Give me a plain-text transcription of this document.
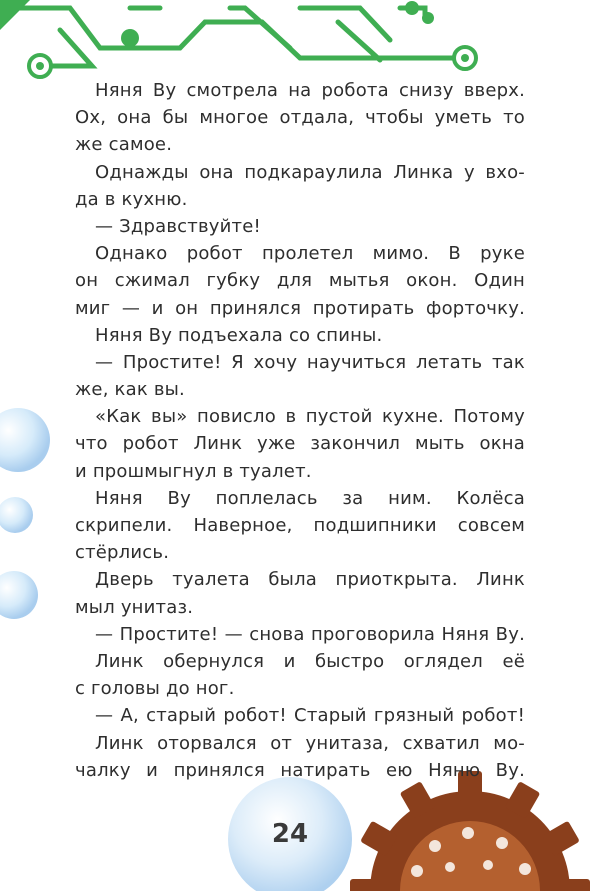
Няня Ву смотрела на робота снизу вверх.
Ох, она бы многое отдала, чтобы уметь то
же самое.
Однажды она подкараулила Линка у вхо-
да в кухню.
— Здравствуйте!
Однако робот пролетел мимо. В руке
он сжимал губку для мытья окон. Один
миг — и он принялся протирать форточку.
Няня Ву подъехала со спины.
— Простите! Я хочу научиться летать так
же, как вы.
«Как вы» повисло в пустой кухне. Потому
что робот Линк уже закончил мыть окна
и прошмыгнул в туалет.
Няня Ву поплелась за ним. Колёса
скрипели. Наверное, подшипники совсем
стёрлись.
Дверь туалета была приоткрыта. Линк
мыл унитаз.
— Простите! — снова проговорила Няня Ву.
Линк обернулся и быстро оглядел её
с головы до ног.
— А, старый робот! Старый грязный робот!
Линк оторвался от унитаза, схватил мо-
чалку и принялся натирать ею Няню Ву.
24
